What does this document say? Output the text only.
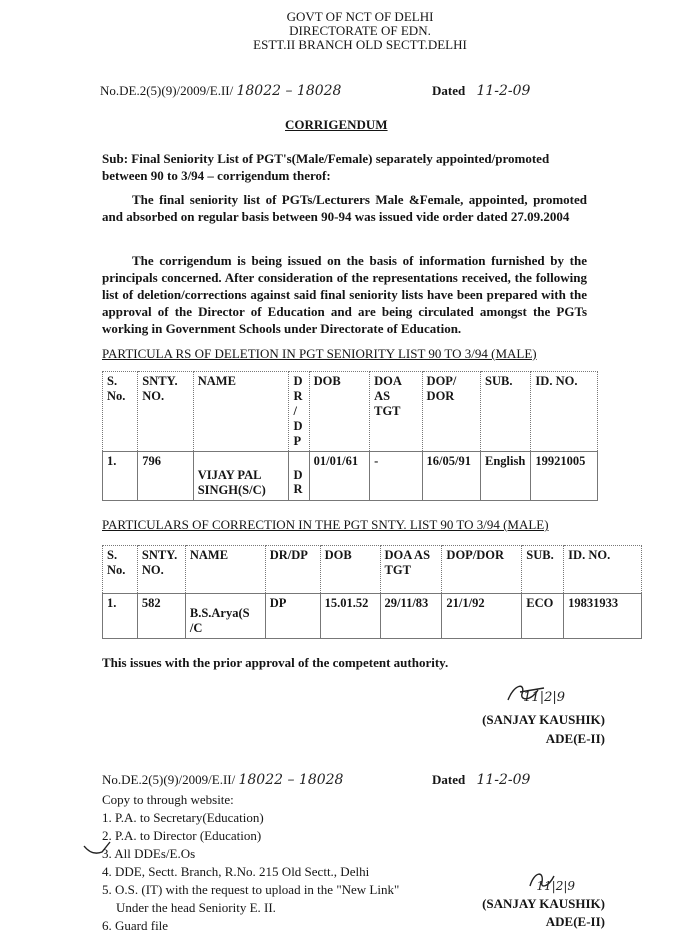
GOVT OF NCT OF DELHI
DIRECTORATE OF EDN.
ESTT.II BRANCH OLD SECTT.DELHI
No.DE.2(5)(9)/2009/E.II/ 18022 – 18028	Dated 11-2-09
CORRIGENDUM
Sub: Final Seniority List of PGT's(Male/Female) separately appointed/promoted between 90 to 3/94 – corrigendum therof:
The final seniority list of PGTs/Lecturers Male &Female, appointed, promoted and absorbed on regular basis between 90-94 was issued vide order dated 27.09.2004
The corrigendum is being issued on the basis of information furnished by the principals concerned. After consideration of the representations received, the following list of deletion/corrections against said final seniority lists have been prepared with the approval of the Director of Education and are being circulated amongst the PGTs working in Government Schools under Directorate of Education.
PARTICULA RS OF DELETION IN PGT SENIORITY LIST 90 TO 3/94 (MALE)
S. No.	SNTY. NO.	NAME	D R / D P	DOB	DOA AS TGT	DOP/ DOR	SUB.	ID. NO.
1.	796	VIJAY PAL SINGH(S/C)	D R	01/01/61	-	16/05/91	English	19921005
PARTICULARS OF CORRECTION IN THE PGT SNTY. LIST 90 TO 3/94 (MALE)
S. No.	SNTY. NO.	NAME	DR/DP	DOB	DOA AS TGT	DOP/DOR	SUB.	ID. NO.
1.	582	B.S.Arya(S /C	DP	15.01.52	29/11/83	21/1/92	ECO	19831933
This issues with the prior approval of the competent authority.
11|2|9
(SANJAY KAUSHIK)
ADE(E-II)
No.DE.2(5)(9)/2009/E.II/ 18022 – 18028	Dated 11-2-09
Copy to through website:
1. P.A. to Secretary(Education)
2. P.A. to Director (Education)
3. All DDEs/E.Os
4. DDE, Sectt. Branch, R.No. 215 Old Sectt., Delhi
5. O.S. (IT) with the request to upload in the "New Link"
Under the head Seniority E. II.
6. Guard file
11|2|9
(SANJAY KAUSHIK)
ADE(E-II)
